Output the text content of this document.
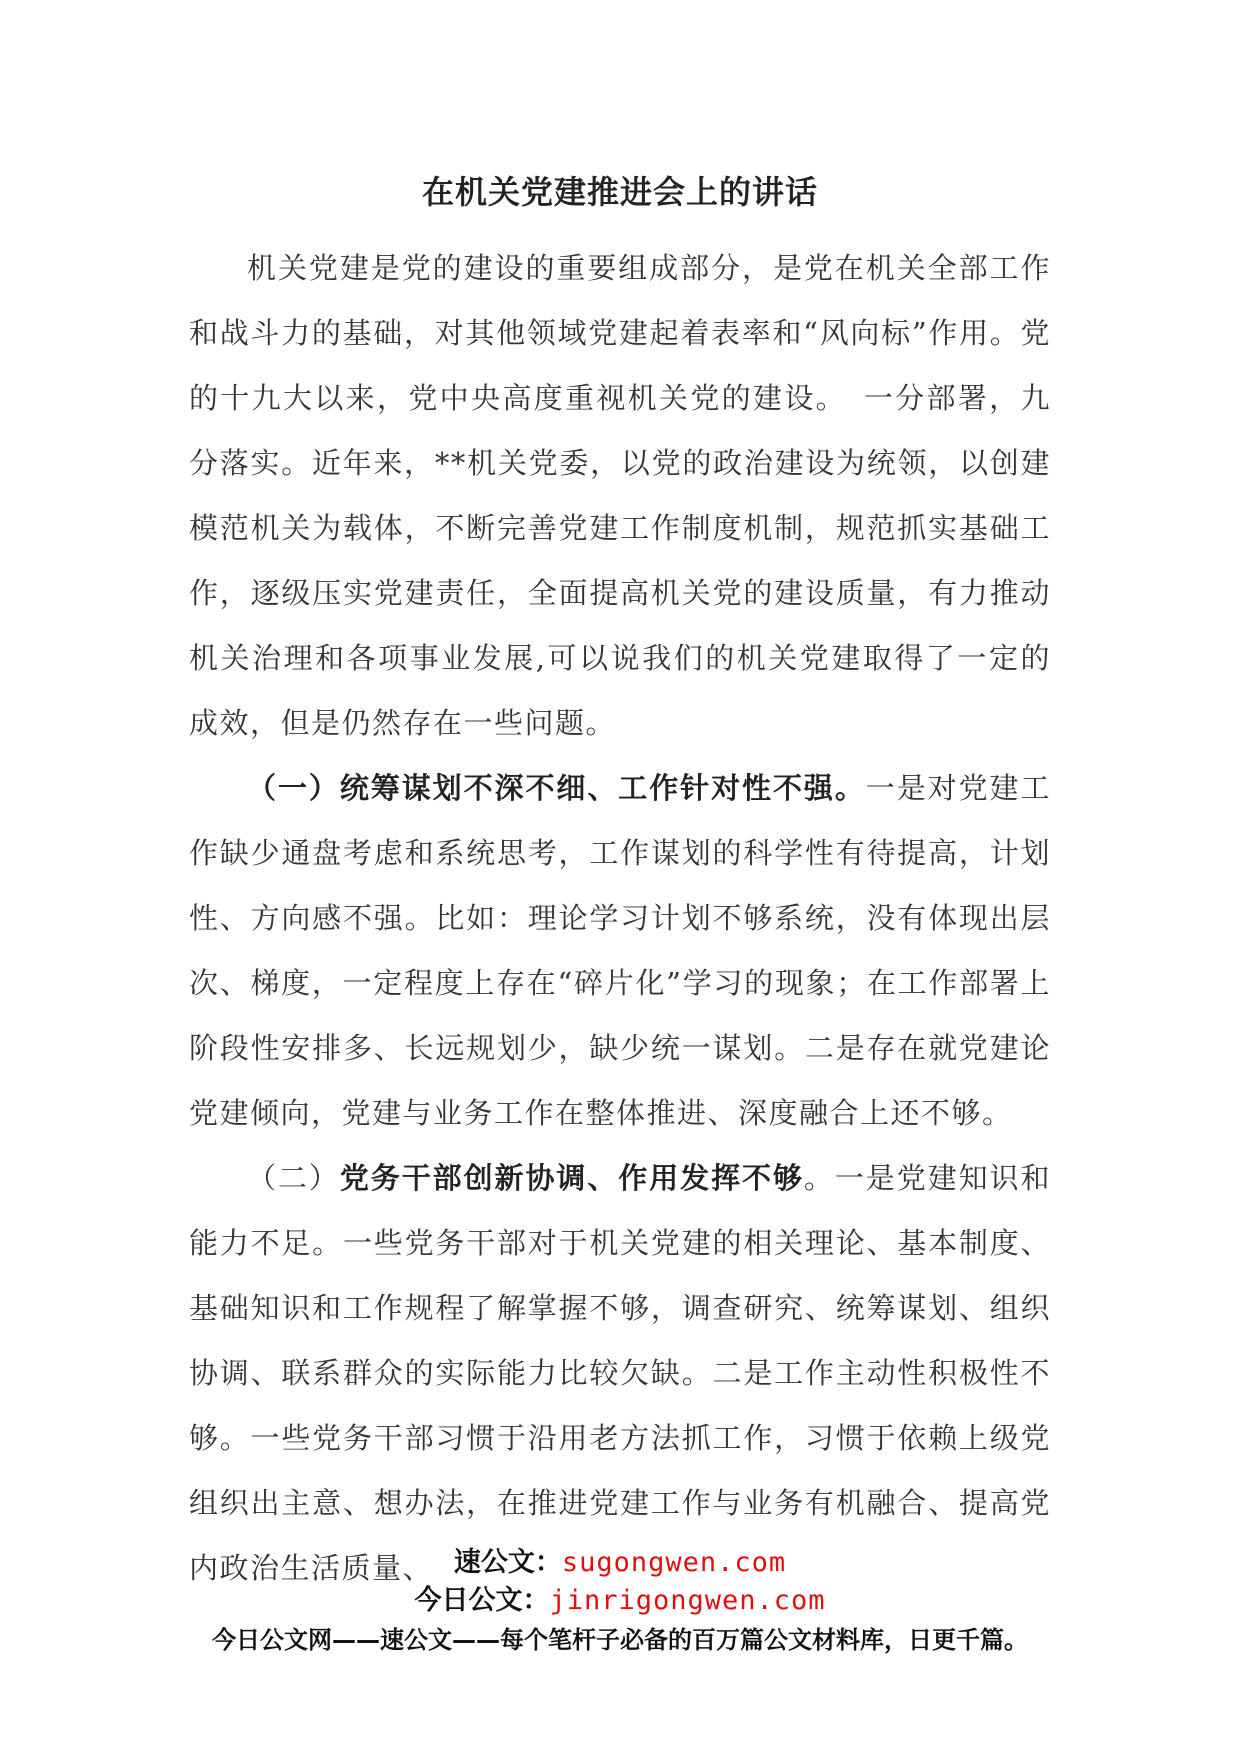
在机关党建推进会上的讲话

机关党建是党的建设的重要组成部分，是党在机关全部工作和战斗力的基础，对其他领域党建起着表率和“风向标”作用。党的十九大以来，党中央高度重视机关党的建设。　一分部署，九分落实。近年来，**机关党委，以党的政治建设为统领，以创建模范机关为载体，不断完善党建工作制度机制，规范抓实基础工作，逐级压实党建责任，全面提高机关党的建设质量，有力推动机关治理和各项事业发展,可以说我们的机关党建取得了一定的成效，但是仍然存在一些问题。

（一）统筹谋划不深不细、工作针对性不强。一是对党建工作缺少通盘考虑和系统思考，工作谋划的科学性有待提高，计划性、方向感不强。比如：理论学习计划不够系统，没有体现出层次、梯度，一定程度上存在“碎片化”学习的现象；在工作部署上阶段性安排多、长远规划少，缺少统一谋划。二是存在就党建论党建倾向，党建与业务工作在整体推进、深度融合上还不够。

（二）党务干部创新协调、作用发挥不够。一是党建知识和能力不足。一些党务干部对于机关党建的相关理论、基本制度、基础知识和工作规程了解掌握不够，调查研究、统筹谋划、组织协调、联系群众的实际能力比较欠缺。二是工作主动性积极性不够。一些党务干部习惯于沿用老方法抓工作，习惯于依赖上级党组织出主意、想办法，在推进党建工作与业务有机融合、提高党内政治生活质量、 速公文：sugongwen.com
今日公文：jinrigongwen.com
今日公文网——速公文——每个笔杆子必备的百万篇公文材料库，日更千篇。
